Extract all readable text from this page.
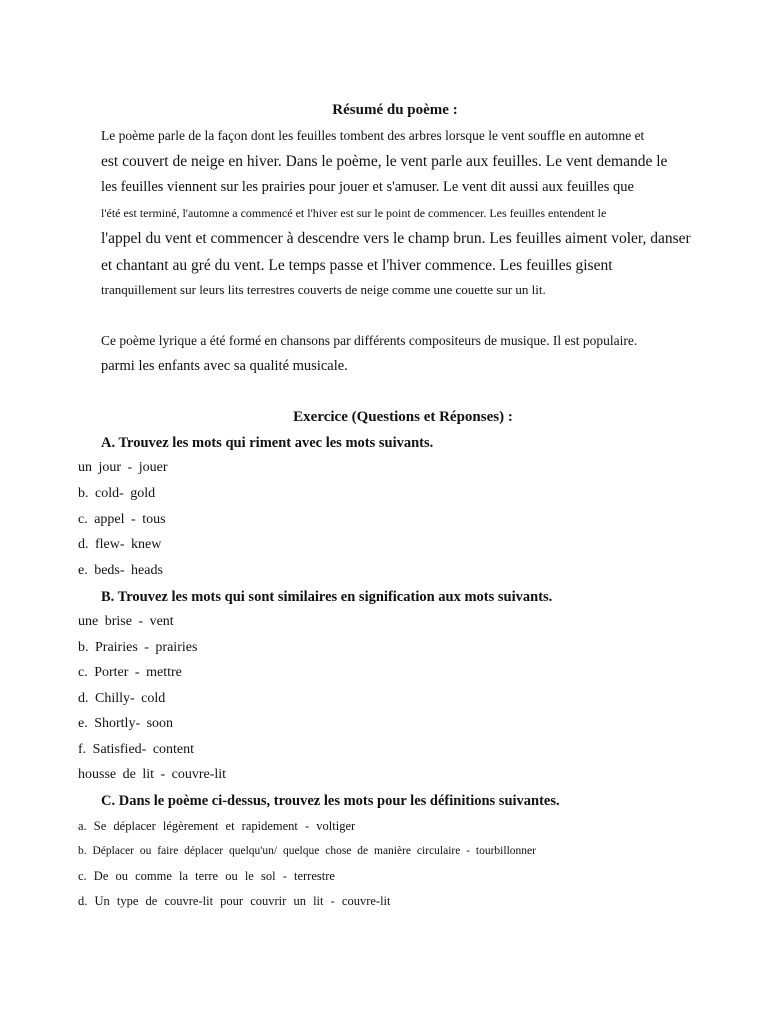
Résumé du poème :
Le poème parle de la façon dont les feuilles tombent des arbres lorsque le vent souffle en automne et
est couvert de neige en hiver. Dans le poème, le vent parle aux feuilles. Le vent demande le
les feuilles viennent sur les prairies pour jouer et s'amuser. Le vent dit aussi aux feuilles que
l'été est terminé, l'automne a commencé et l'hiver est sur le point de commencer. Les feuilles entendent le
l'appel du vent et commencer à descendre vers le champ brun. Les feuilles aiment voler, danser
et chantant au gré du vent. Le temps passe et l'hiver commence. Les feuilles gisent
tranquillement sur leurs lits terrestres couverts de neige comme une couette sur un lit.
Ce poème lyrique a été formé en chansons par différents compositeurs de musique. Il est populaire.
parmi les enfants avec sa qualité musicale.
Exercice (Questions et Réponses) :
A. Trouvez les mots qui riment avec les mots suivants.
un jour - jouer
b. cold- gold
c. appel - tous
d. flew- knew
e. beds- heads
B. Trouvez les mots qui sont similaires en signification aux mots suivants.
une brise - vent
b. Prairies - prairies
c. Porter - mettre
d. Chilly- cold
e. Shortly- soon
f. Satisfied- content
housse de lit - couvre-lit
C. Dans le poème ci-dessus, trouvez les mots pour les définitions suivantes.
a. Se déplacer légèrement et rapidement - voltiger
b. Déplacer ou faire déplacer quelqu'un/ quelque chose de manière circulaire - tourbillonner
c. De ou comme la terre ou le sol - terrestre
d. Un type de couvre-lit pour couvrir un lit - couvre-lit
